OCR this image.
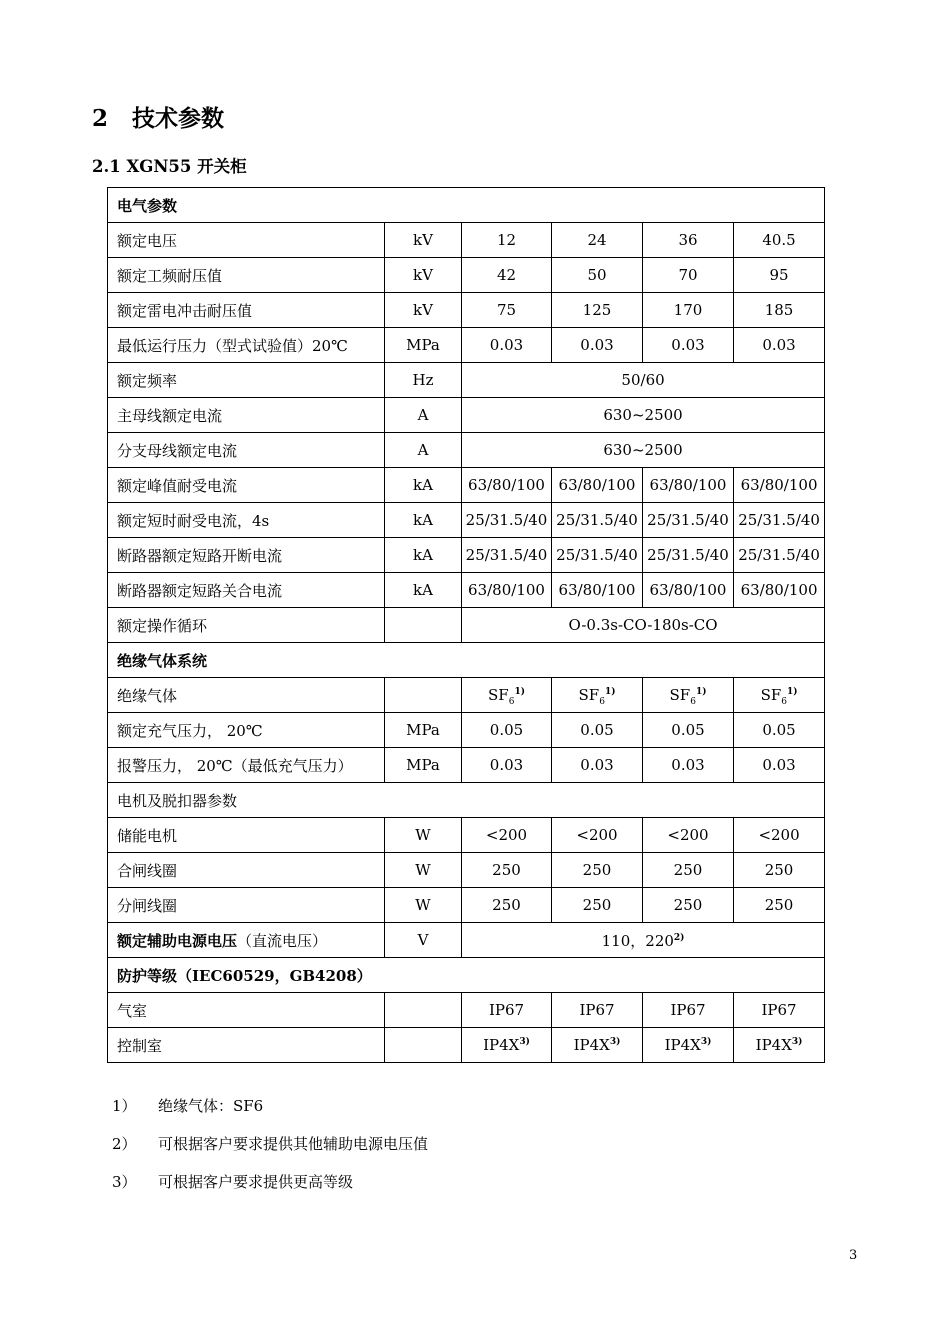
2 技术参数
2.1 XGN55 开关柜
电气参数					
额定电压	kV	12	24	36	40.5
额定工频耐压值	kV	42	50	70	95
额定雷电冲击耐压值	kV	75	125	170	185
最低运行压力（型式试验值）20℃	MPa	0.03	0.03	0.03	0.03
额定频率	Hz	50/60			
主母线额定电流	A	630~2500			
分支母线额定电流	A	630~2500			
额定峰值耐受电流	kA	63/80/100	63/80/100	63/80/100	63/80/100
额定短时耐受电流，4s	kA	25/31.5/40	25/31.5/40	25/31.5/40	25/31.5/40
断路器额定短路开断电流	kA	25/31.5/40	25/31.5/40	25/31.5/40	25/31.5/40
断路器额定短路关合电流	kA	63/80/100	63/80/100	63/80/100	63/80/100
额定操作循环		O-0.3s-CO-180s-CO			
绝缘气体系统					
绝缘气体		$SF_6^{1)}$	$SF_6^{1)}$	$SF_6^{1)}$	$SF_6^{1)}$
额定充气压力， 20℃	MPa	0.05	0.05	0.05	0.05
报警压力， 20℃（最低充气压力）	MPa	0.03	0.03	0.03	0.03
电机及脱扣器参数					
储能电机	W	<200	<200	<200	<200
合闸线圈	W	250	250	250	250
分闸线圈	W	250	250	250	250
额定辅助电源电压（直流电压）	V	110，220$^{2)}$
防护等级（IEC60529，GB4208）					
气室		IP67	IP67	IP67	IP67
控制室		$IP4X^{3)}$	$IP4X^{3)}$	$IP4X^{3)}$	$IP4X^{3)}$
1） 绝缘气体：SF6
2） 可根据客户要求提供其他辅助电源电压值
3） 可根据客户要求提供更高等级
3
